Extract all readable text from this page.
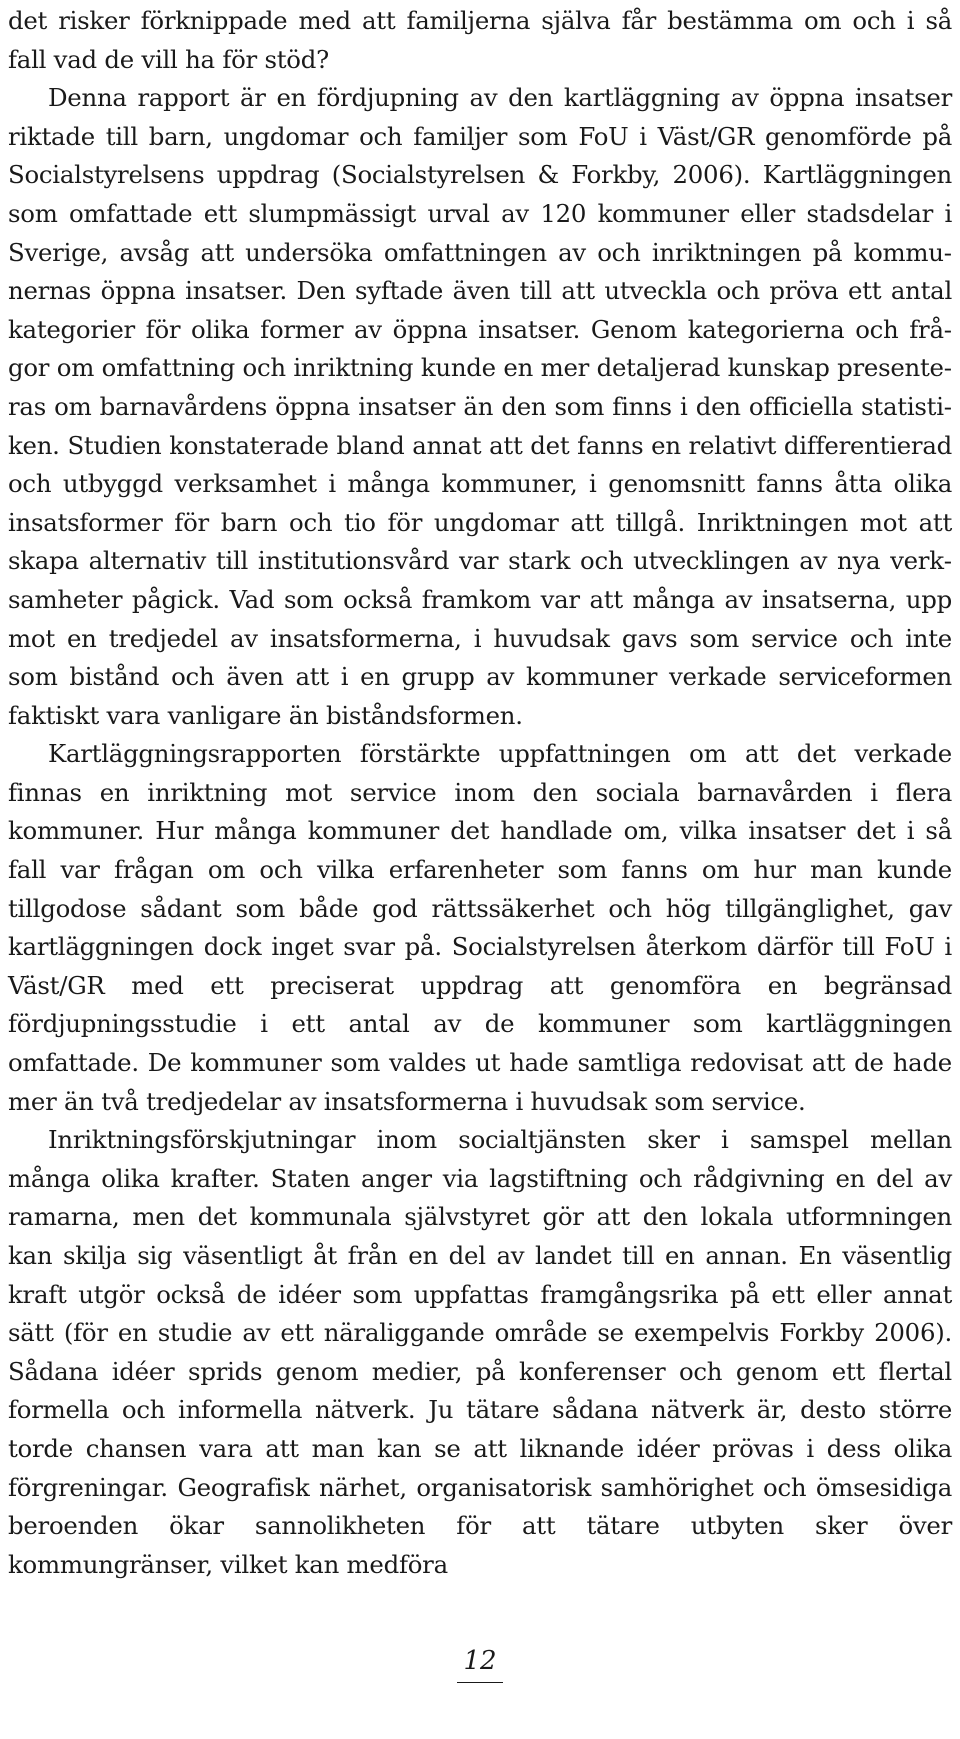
det risker förknippade med att familjerna själva får bestämma om och i så fall vad de vill ha för stöd?

Denna rapport är en fördjupning av den kartläggning av öppna insatser riktade till barn, ungdomar och familjer som FoU i Väst/GR genomförde på Socialstyrelsens uppdrag (Socialstyrelsen & Forkby, 2006). Kartläggningen som omfattade ett slumpmässigt urval av 120 kommuner eller stadsdelar i Sverige, avsåg att undersöka omfattningen av och inriktningen på kommunernas öppna insatser. Den syftade även till att utveckla och pröva ett antal kategorier för olika former av öppna insatser. Genom kategorierna och frågor om omfattning och inriktning kunde en mer detaljerad kunskap presenteras om barnavårdens öppna insatser än den som finns i den officiella statistiken. Studien konstaterade bland annat att det fanns en relativt differentierad och utbyggd verksamhet i många kommuner, i genomsnitt fanns åtta olika insatsformer för barn och tio för ungdomar att tillgå. Inriktningen mot att skapa alternativ till institutionsvård var stark och utvecklingen av nya verksamheter pågick. Vad som också framkom var att många av insatserna, upp mot en tredjedel av insatsformerna, i huvudsak gavs som service och inte som bistånd och även att i en grupp av kommuner verkade serviceformen faktiskt vara vanligare än biståndsformen.

Kartläggningsrapporten förstärkte uppfattningen om att det verkade finnas en inriktning mot service inom den sociala barnavården i flera kommuner. Hur många kommuner det handlade om, vilka insatser det i så fall var frågan om och vilka erfarenheter som fanns om hur man kunde tillgodose sådant som både god rättssäkerhet och hög tillgänglighet, gav kartläggningen dock inget svar på. Socialstyrelsen återkom därför till FoU i Väst/GR med ett preciserat uppdrag att genomföra en begränsad fördjupningsstudie i ett antal av de kommuner som kartläggningen omfattade. De kommuner som valdes ut hade samtliga redovisat att de hade mer än två tredjedelar av insatsformerna i huvudsak som service.

Inriktningsförskjutningar inom socialtjänsten sker i samspel mellan många olika krafter. Staten anger via lagstiftning och rådgivning en del av ramarna, men det kommunala självstyret gör att den lokala utformningen kan skilja sig väsentligt åt från en del av landet till en annan. En väsentlig kraft utgör också de idéer som uppfattas framgångsrika på ett eller annat sätt (för en studie av ett näraliggande område se exempelvis Forkby 2006). Sådana idéer sprids genom medier, på konferenser och genom ett flertal formella och informella nätverk. Ju tätare sådana nätverk är, desto större torde chansen vara att man kan se att liknande idéer prövas i dess olika förgreningar. Geografisk närhet, organisatorisk samhörighet och ömsesidiga beroenden ökar sannolikheten för att tätare utbyten sker över kommungränser, vilket kan medföra

12
